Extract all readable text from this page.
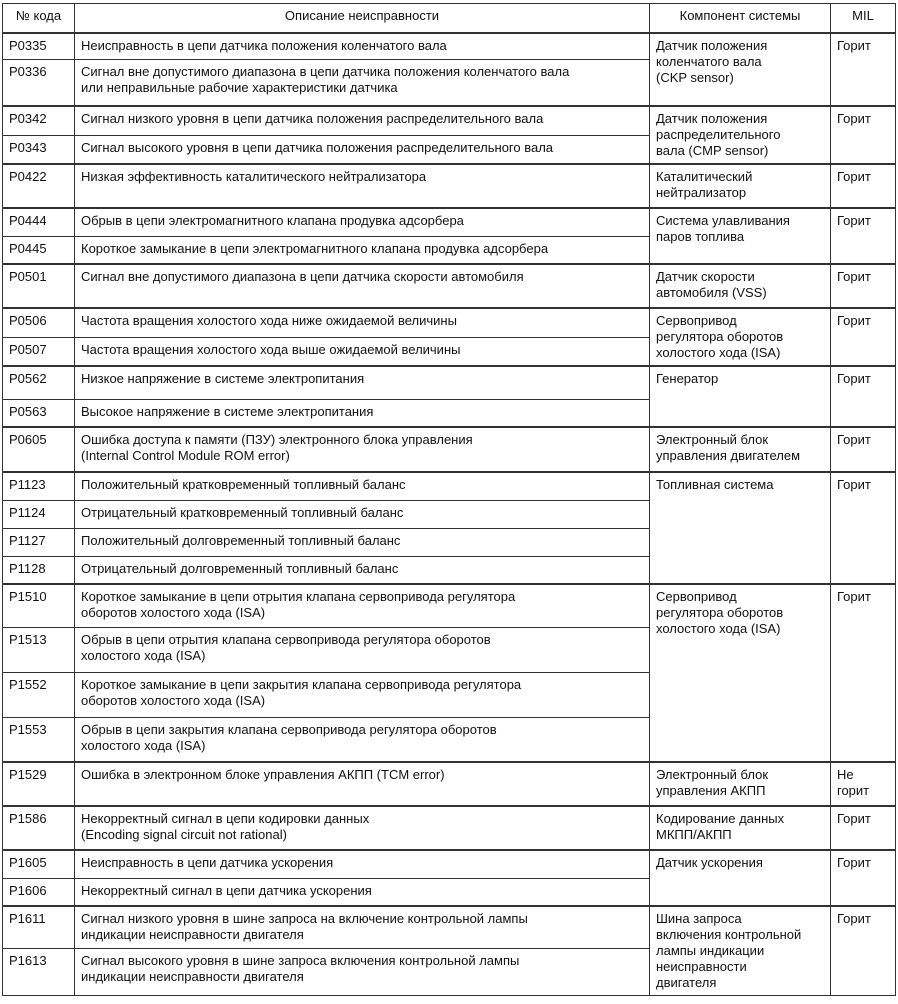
№ кода	Описание неисправности	Компонент системы	MIL
P0335	Неисправность в цепи датчика положения коленчатого вала	Датчик положения
коленчатого вала
(CKP sensor)	Горит
P0336	Сигнал вне допустимого диапазона в цепи датчика положения коленчатого вала
или неправильные рабочие характеристики датчика		
P0342	Сигнал низкого уровня в цепи датчика положения распределительного вала	Датчик положения
распределительного
вала (CMP sensor)	Горит
P0343	Сигнал высокого уровня в цепи датчика положения распределительного вала		
P0422	Низкая эффективность каталитического нейтрализатора	Каталитический
нейтрализатор	Горит
P0444	Обрыв в цепи электромагнитного клапана продувка адсорбера	Система улавливания
паров топлива	Горит
P0445	Короткое замыкание в цепи электромагнитного клапана продувка адсорбера		
P0501	Сигнал вне допустимого диапазона в цепи датчика скорости автомобиля	Датчик скорости
автомобиля (VSS)	Горит
P0506	Частота вращения холостого хода ниже ожидаемой величины	Сервопривод
регулятора оборотов
холостого хода (ISA)	Горит
P0507	Частота вращения холостого хода выше ожидаемой величины		
P0562	Низкое напряжение в системе электропитания	Генератор	Горит
P0563	Высокое напряжение в системе электропитания		
P0605	Ошибка доступа к памяти (ПЗУ) электронного блока управления
(Internal Control Module ROM error)	Электронный блок
управления двигателем	Горит
P1123	Положительный кратковременный топливный баланс	Топливная система	Горит
P1124	Отрицательный кратковременный топливный баланс		
P1127	Положительный долговременный топливный баланс		
P1128	Отрицательный долговременный топливный баланс		
P1510	Короткое замыкание в цепи отрытия клапана сервопривода регулятора
оборотов холостого хода (ISA)	Сервопривод
регулятора оборотов
холостого хода (ISA)	Горит
P1513	Обрыв в цепи отрытия клапана сервопривода регулятора оборотов
холостого хода (ISA)		
P1552	Короткое замыкание в цепи закрытия клапана сервопривода регулятора
оборотов холостого хода (ISA)		
P1553	Обрыв в цепи закрытия клапана сервопривода регулятора оборотов
холостого хода (ISA)		
P1529	Ошибка в электронном блоке управления АКПП (TCM error)	Электронный блок
управления АКПП	Не
горит
P1586	Некорректный сигнал в цепи кодировки данных
(Encoding signal circuit not rational)	Кодирование данных
МКПП/АКПП	Горит
P1605	Неисправность в цепи датчика ускорения	Датчик ускорения	Горит
P1606	Некорректный сигнал в цепи датчика ускорения		
P1611	Сигнал низкого уровня в шине запроса на включение контрольной лампы
индикации неисправности двигателя	Шина запроса
включения контрольной
лампы индикации
неисправности
двигателя	Горит
P1613	Сигнал высокого уровня в шине запроса включения контрольной лампы
индикации неисправности двигателя		
